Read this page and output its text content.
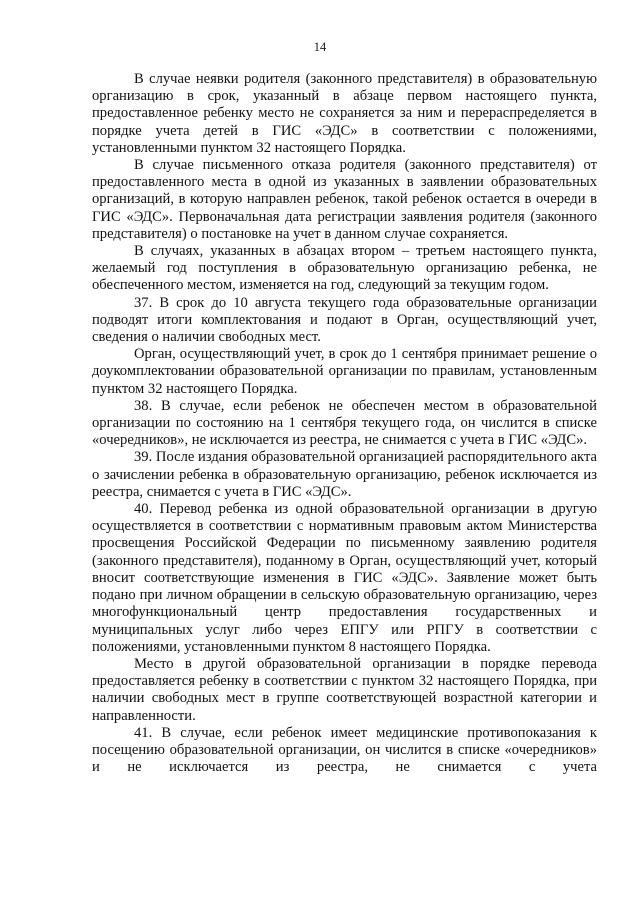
14

В случае неявки родителя (законного представителя) в образовательную организацию в срок, указанный в абзаце первом настоящего пункта, предоставленное ребенку место не сохраняется за ним и перераспределяется в порядке учета детей в ГИС «ЭДС» в соответствии с положениями, установленными пунктом 32 настоящего Порядка.

В случае письменного отказа родителя (законного представителя) от предоставленного места в одной из указанных в заявлении образовательных организаций, в которую направлен ребенок, такой ребенок остается в очереди в ГИС «ЭДС». Первоначальная дата регистрации заявления родителя (законного представителя) о постановке на учет в данном случае сохраняется.

В случаях, указанных в абзацах втором – третьем настоящего пункта, желаемый год поступления в образовательную организацию ребенка, не обеспеченного местом, изменяется на год, следующий за текущим годом.

37. В срок до 10 августа текущего года образовательные организации подводят итоги комплектования и подают в Орган, осуществляющий учет, сведения о наличии свободных мест.

Орган, осуществляющий учет, в срок до 1 сентября принимает решение о доукомплектовании образовательной организации по правилам, установленным пунктом 32 настоящего Порядка.

38. В случае, если ребенок не обеспечен местом в образовательной организации по состоянию на 1 сентября текущего года, он числится в списке «очередников», не исключается из реестра, не снимается с учета в ГИС «ЭДС».

39. После издания образовательной организацией распорядительного акта о зачислении ребенка в образовательную организацию, ребенок исключается из реестра, снимается с учета в ГИС «ЭДС».

40. Перевод ребенка из одной образовательной организации в другую осуществляется в соответствии с нормативным правовым актом Министерства просвещения Российской Федерации по письменному заявлению родителя (законного представителя), поданному в Орган, осуществляющий учет, который вносит соответствующие изменения в ГИС «ЭДС». Заявление может быть подано при личном обращении в сельскую образовательную организацию, через многофункциональный центр предоставления государственных и муниципальных услуг либо через ЕПГУ или РПГУ в соответствии с положениями, установленными пунктом 8 настоящего Порядка.

Место в другой образовательной организации в порядке перевода предоставляется ребенку в соответствии с пунктом 32 настоящего Порядка, при наличии свободных мест в группе соответствующей возрастной категории и направленности.

41. В случае, если ребенок имеет медицинские противопоказания к посещению образовательной организации, он числится в списке «очередников» и не исключается из реестра, не снимается с учета
